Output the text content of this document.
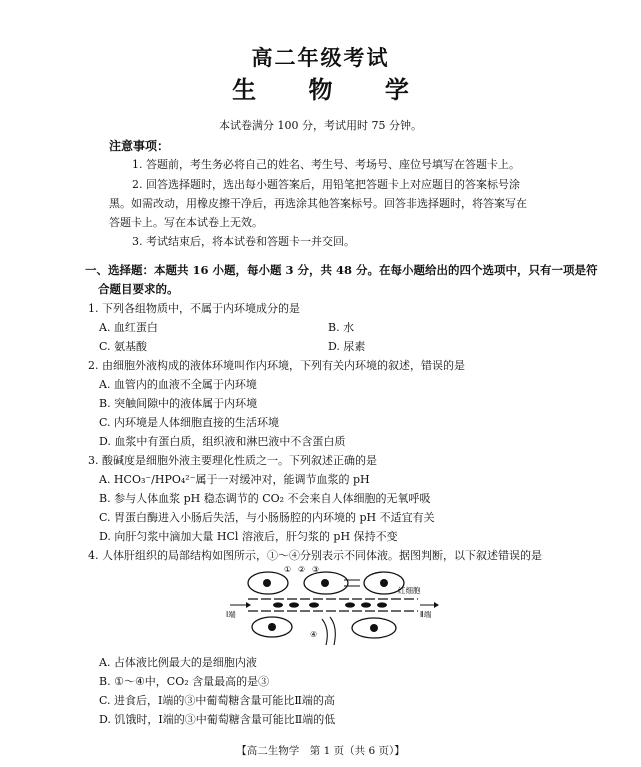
高二年级考试
生 物 学
本试卷满分 100 分，考试用时 75 分钟。
注意事项：
1. 答题前，考生务必将自己的姓名、考生号、考场号、座位号填写在答题卡上。
2. 回答选择题时，选出每小题答案后，用铅笔把答题卡上对应题目的答案标号涂
黑。如需改动，用橡皮擦干净后，再选涂其他答案标号。回答非选择题时，将答案写在
答题卡上。写在本试卷上无效。
3. 考试结束后，将本试卷和答题卡一并交回。
一、选择题：本题共 16 小题，每小题 3 分，共 48 分。在每小题给出的四个选项中，只有一项是符
合题目要求的。
1. 下列各组物质中，不属于内环境成分的是
A. 血红蛋白	B. 水
C. 氨基酸	D. 尿素
2. 由细胞外液构成的液体环境叫作内环境，下列有关内环境的叙述，错误的是
A. 血管内的血液不全属于内环境
B. 突触间隙中的液体属于内环境
C. 内环境是人体细胞直接的生活环境
D. 血浆中有蛋白质，组织液和淋巴液中不含蛋白质
3. 酸碱度是细胞外液主要理化性质之一。下列叙述正确的是
A. HCO₃⁻/HPO₄²⁻属于一对缓冲对，能调节血浆的 pH
B. 参与人体血浆 pH 稳态调节的 CO₂ 不会来自人体细胞的无氧呼吸
C. 胃蛋白酶进入小肠后失活，与小肠肠腔的内环境的 pH 不适宜有关
D. 向肝匀浆中滴加大量 HCl 溶液后，肝匀浆的 pH 保持不变
4. 人体肝组织的局部结构如图所示，①～④分别表示不同体液。据图判断，以下叙述错误的是
① ② ③
④
红细胞
Ⅰ端	Ⅱ端
A. 占体液比例最大的是细胞内液
B. ①～④中，CO₂ 含量最高的是③
C. 进食后，Ⅰ端的③中葡萄糖含量可能比Ⅱ端的高
D. 饥饿时，Ⅰ端的③中葡萄糖含量可能比Ⅱ端的低
【高二生物学　第 1 页（共 6 页）】
